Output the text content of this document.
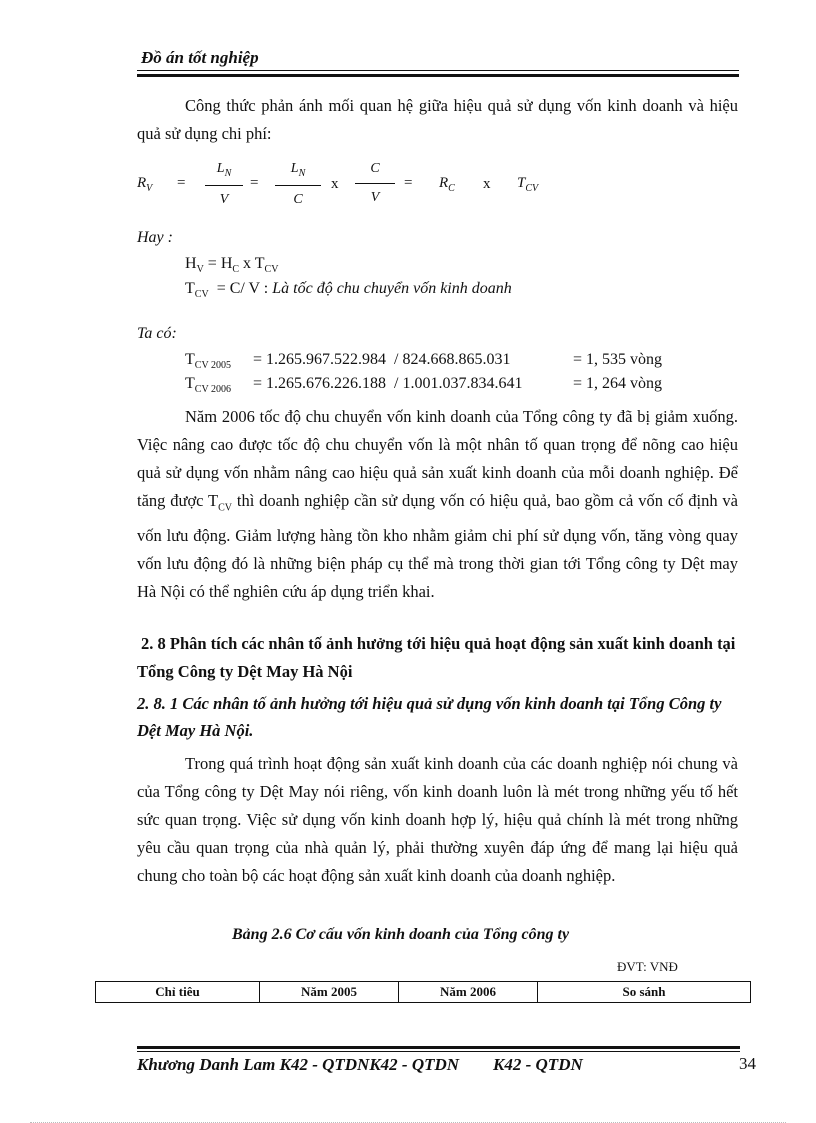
Đồ án tốt nghiệp
Công thức phản ánh mối quan hệ giữa hiệu quả sử dụng vốn kinh doanh và hiệu quả sử dụng chi phí:
$R_V$ =
$L_N$
V
=
$L_N$
C
x
C
V
= $R_C$ x $T_{CV}$
Hay :
$H_V = H_C$ x $T_{CV}$
$T_{CV} = C/$ V : Là tốc độ chu chuyển vốn kinh doanh
Ta có:
$T_{CV 2005} = 1.265.967.522.984 / 824.668.865.031$	= 1, 535 vòng
$T_{CV 2006} = 1.265.676.226.188 / 1.001.037.834.641$	= 1, 264 vòng
Năm 2006 tốc độ chu chuyển vốn kinh doanh của Tổng công ty đã bị giảm xuống. Việc nâng cao được tốc độ chu chuyển vốn là một nhân tố quan trọng để nõng cao hiệu quả sử dụng vốn nhằm nâng cao hiệu quả sản xuất kinh doanh của mỗi doanh nghiệp. Để tăng được $T_{CV}$ thì doanh nghiệp cần sử dụng vốn có hiệu quả, bao gồm cả vốn cố định và vốn lưu động. Giảm lượng hàng tồn kho nhằm giảm chi phí sử dụng vốn, tăng vòng quay vốn lưu động đó là những biện pháp cụ thể mà trong thời gian tới Tổng công ty Dệt may Hà Nội có thể nghiên cứu áp dụng triển khai.
2. 8 Phân tích các nhân tố ảnh hưởng tới hiệu quả hoạt động sản xuất kinh doanh tại Tổng Công ty Dệt May Hà Nội
2. 8. 1 Các nhân tố ảnh hưởng tới hiệu quả sử dụng vốn kinh doanh tại Tổng Công ty Dệt May Hà Nội.
Trong quá trình hoạt động sản xuất kinh doanh của các doanh nghiệp nói chung và của Tổng công ty Dệt May nói riêng, vốn kinh doanh luôn là mét trong những yếu tố hết sức quan trọng. Việc sử dụng vốn kinh doanh hợp lý, hiệu quả chính là mét trong những yêu cầu quan trọng của nhà quản lý, phải thường xuyên đáp ứng để mang lại hiệu quả chung cho toàn bộ các hoạt động sản xuất kinh doanh của doanh nghiệp.
Bảng 2.6 Cơ cấu vốn kinh doanh của Tổng công ty
ĐVT: VNĐ
Chỉ tiêu	Năm 2005	Năm 2006	So sánh
Khương Danh Lam K42 - QTDNK42 - QTDN        K42 - QTDN	34
